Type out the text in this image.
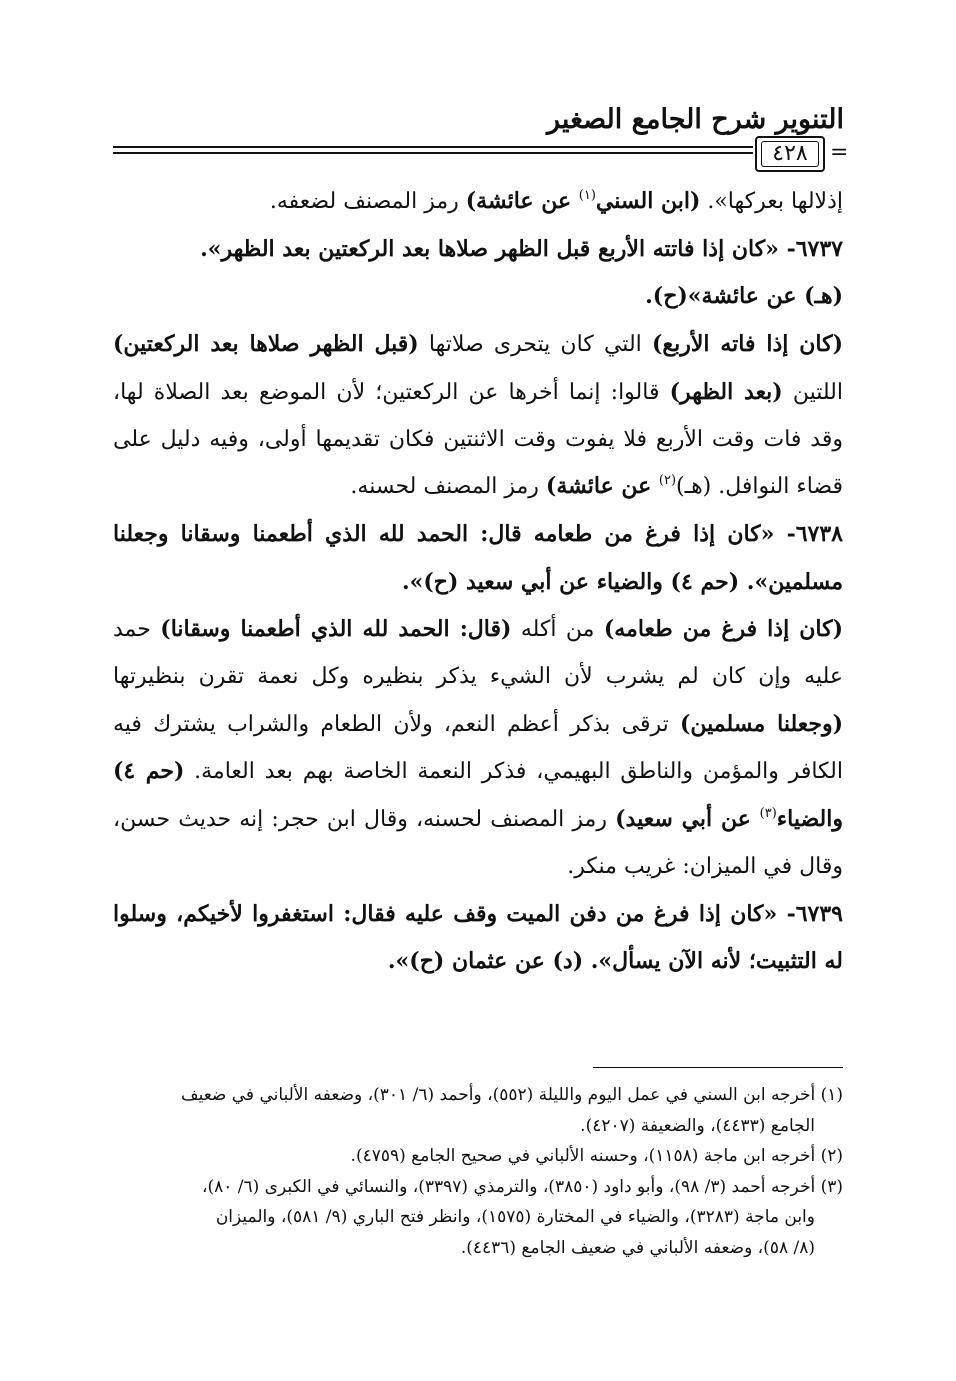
التنوير شرح الجامع الصغير
٤٢٨ =

إذلالها بعركها». (ابن السني$^{(١)}$ عن عائشة) رمز المصنف لضعفه.

٦٧٣٧- «كان إذا فاتته الأربع قبل الظهر صلاها بعد الركعتين بعد الظهر».
(هـ) عن عائشة»(ح).

(كان إذا فاته الأربع) التي كان يتحرى صلاتها (قبل الظهر صلاها بعد الركعتين) اللتين (بعد الظهر) قالوا: إنما أخرها عن الركعتين؛ لأن الموضع بعد الصلاة لها، وقد فات وقت الأربع فلا يفوت وقت الاثنتين فكان تقديمها أولى، وفيه دليل على قضاء النوافل. (هـ)$^{(٢)}$ عن عائشة) رمز المصنف لحسنه.

٦٧٣٨- «كان إذا فرغ من طعامه قال: الحمد لله الذي أطعمنا وسقانا وجعلنا مسلمين». (حم ٤) والضياء عن أبي سعيد (ح)».

(كان إذا فرغ من طعامه) من أكله (قال: الحمد لله الذي أطعمنا وسقانا) حمد عليه وإن كان لم يشرب لأن الشيء يذكر بنظيره وكل نعمة تقرن بنظيرتها (وجعلنا مسلمين) ترقى بذكر أعظم النعم، ولأن الطعام والشراب يشترك فيه الكافر والمؤمن والناطق البهيمي، فذكر النعمة الخاصة بهم بعد العامة. (حم ٤) والضياء$^{(٣)}$ عن أبي سعيد) رمز المصنف لحسنه، وقال ابن حجر: إنه حديث حسن، وقال في الميزان: غريب منكر.

٦٧٣٩- «كان إذا فرغ من دفن الميت وقف عليه فقال: استغفروا لأخيكم، وسلوا له التثبيت؛ لأنه الآن يسأل». (د) عن عثمان (ح)».

(١) أخرجه ابن السني في عمل اليوم والليلة (٥٥٢)، وأحمد (٦/ ٣٠١)، وضعفه الألباني في ضعيف

الجامع (٤٤٣٣)، والضعيفة (٤٢٠٧).

(٢) أخرجه ابن ماجة (١١٥٨)، وحسنه الألباني في صحيح الجامع (٤٧٥٩).

(٣) أخرجه أحمد (٣/ ٩٨)، وأبو داود (٣٨٥٠)، والترمذي (٣٣٩٧)، والنسائي في الكبرى (٦/ ٨٠)،

وابن ماجة (٣٢٨٣)، والضياء في المختارة (١٥٧٥)، وانظر فتح الباري (٩/ ٥٨١)، والميزان

(٨/ ٥٨)، وضعفه الألباني في ضعيف الجامع (٤٤٣٦).
